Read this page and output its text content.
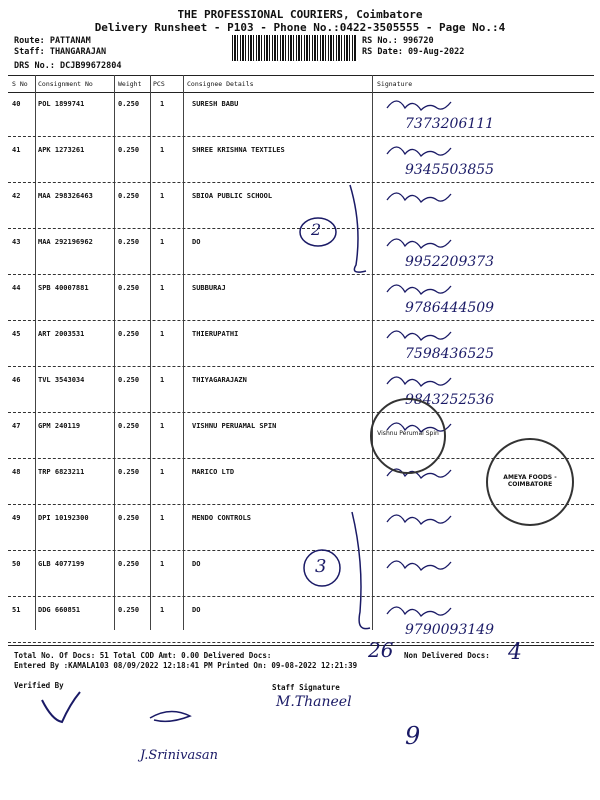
THE PROFESSIONAL COURIERS, Coimbatore
Delivery Runsheet - P103 - Phone No.:0422-3505555 - Page No.:4
Route: PATTANAM
Staff: THANGARAJAN
DRS No.: DCJB99672804
RS No.: 996720
RS Date: 09-Aug-2022
S No Consignment No	Weight PCS	Consignee Details	Signature
40	POL 1899741	0.250	1	SURESH BABU
7373206111
41	APK 1273261	0.250	1	SHREE KRISHNA TEXTILES
9345503855
42	MAA 298326463	0.250	1	SBIOA PUBLIC SCHOOL
43	MAA 292196962	0.250	1	DO
9952209373
44	SPB 40007881	0.250	1	SUBBURAJ
9786444509
45	ART 2003531	0.250	1	THIERUPATHI
7598436525
46	TVL 3543034	0.250	1	THIYAGARAJAZN
9843252536
47	GPM 240119	0.250	1	VISHNU PERUAMAL SPIN
48	TRP 6823211	0.250	1	MARICO LTD
49	DPI 10192300	0.250	1	MENDO CONTROLS
50	GLB 4077199	0.250	1	DO
51	DDG 660851	0.250	1	DO
9790093149
Total No. Of Docs: 51 Total COD Amt: 0.00 Delivered Docs:	26 Non Delivered Docs: 4
Entered By :KAMALA103 08/09/2022 12:18:41 PM Printed On: 09-08-2022 12:21:39
Verified By	Staff Signature
M.Thaneel
J.Srinivasan
9
2
3
Vishnu Perumal Spin
AMEYA FOODS - COIMBATORE
